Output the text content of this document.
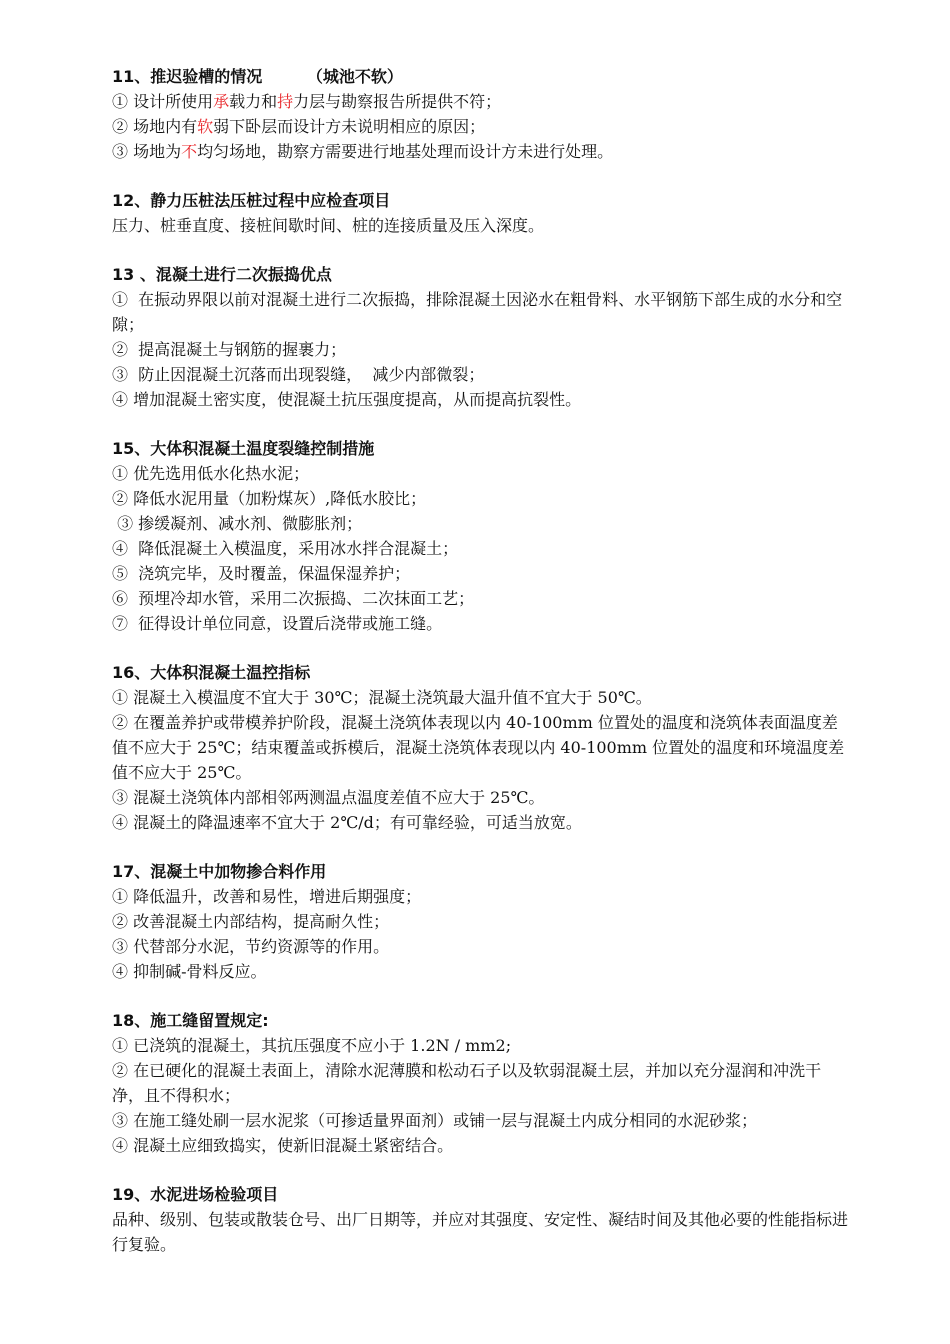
11、推迟验槽的情况        （城池不软）

① 设计所使用承载力和持力层与勘察报告所提供不符；

② 场地内有软弱下卧层而设计方未说明相应的原因；

③ 场地为不均匀场地，勘察方需要进行地基处理而设计方未进行处理。

12、静力压桩法压桩过程中应检查项目

压力、桩垂直度、接桩间歇时间、桩的连接质量及压入深度。

13 、混凝土进行二次振捣优点

①  在振动界限以前对混凝土进行二次振捣，排除混凝土因泌水在粗骨料、水平钢筋下部生成的水分和空隙；

②  提高混凝土与钢筋的握裹力；

③  防止因混凝土沉落而出现裂缝，  减少内部微裂；

④ 增加混凝土密实度，使混凝土抗压强度提高，从而提高抗裂性。

15、大体积混凝土温度裂缝控制措施

① 优先选用低水化热水泥；

② 降低水泥用量（加粉煤灰）,降低水胶比；

③ 掺缓凝剂、减水剂、微膨胀剂；

④  降低混凝土入模温度，采用冰水拌合混凝土；

⑤  浇筑完毕，及时覆盖，保温保湿养护；

⑥  预埋冷却水管，采用二次振捣、二次抹面工艺；

⑦  征得设计单位同意，设置后浇带或施工缝。

16、大体积混凝土温控指标

① 混凝土入模温度不宜大于 30℃；混凝土浇筑最大温升值不宜大于 50℃。

② 在覆盖养护或带模养护阶段，混凝土浇筑体表现以内 40-100mm 位置处的温度和浇筑体表面温度差值不应大于 25℃；结束覆盖或拆模后，混凝土浇筑体表现以内 40-100mm 位置处的温度和环境温度差值不应大于 25℃。

③ 混凝土浇筑体内部相邻两测温点温度差值不应大于 25℃。

④ 混凝土的降温速率不宜大于 2℃/d；有可靠经验，可适当放宽。

17、混凝土中加物掺合料作用

① 降低温升，改善和易性，增进后期强度；

② 改善混凝土内部结构，提高耐久性；

③ 代替部分水泥，节约资源等的作用。

④ 抑制碱-骨料反应。

18、施工缝留置规定:

① 已浇筑的混凝土，其抗压强度不应小于 1.2N / mm2;

② 在已硬化的混凝土表面上，清除水泥薄膜和松动石子以及软弱混凝土层，并加以充分湿润和冲洗干净，且不得积水；

③ 在施工缝处刷一层水泥浆（可掺适量界面剂）或铺一层与混凝土内成分相同的水泥砂浆；

④ 混凝土应细致捣实，使新旧混凝土紧密结合。

19、水泥进场检验项目

品种、级别、包装或散装仓号、出厂日期等，并应对其强度、安定性、凝结时间及其他必要的性能指标进行复验。
